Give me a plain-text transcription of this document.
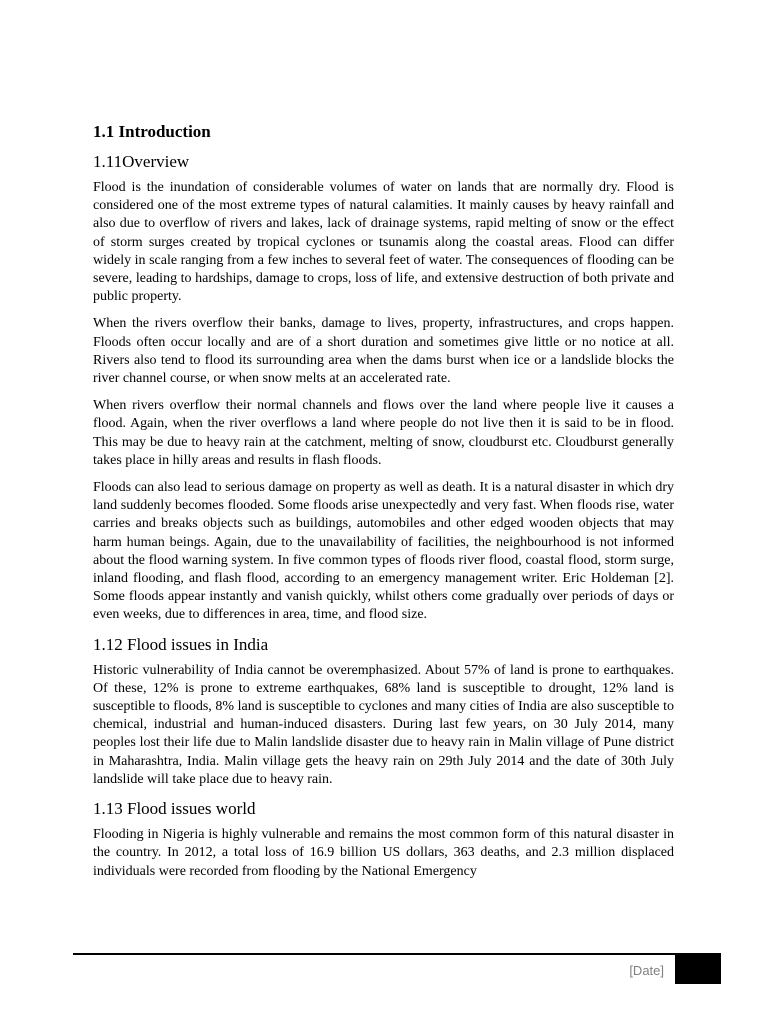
1.1 Introduction
1.11Overview

Flood is the inundation of considerable volumes of water on lands that are normally dry. Flood is considered one of the most extreme types of natural calamities. It mainly causes by heavy rainfall and also due to overflow of rivers and lakes, lack of drainage systems, rapid melting of snow or the effect of storm surges created by tropical cyclones or tsunamis along the coastal areas. Flood can differ widely in scale ranging from a few inches to several feet of water. The consequences of flooding can be severe, leading to hardships, damage to crops, loss of life, and extensive destruction of both private and public property.

When the rivers overflow their banks, damage to lives, property, infrastructures, and crops happen. Floods often occur locally and are of a short duration and sometimes give little or no notice at all. Rivers also tend to flood its surrounding area when the dams burst when ice or a landslide blocks the river channel course, or when snow melts at an accelerated rate.

When rivers overflow their normal channels and flows over the land where people live it causes a flood. Again, when the river overflows a land where people do not live then it is said to be in flood. This may be due to heavy rain at the catchment, melting of snow, cloudburst etc. Cloudburst generally takes place in hilly areas and results in flash floods.

Floods can also lead to serious damage on property as well as death. It is a natural disaster in which dry land suddenly becomes flooded. Some floods arise unexpectedly and very fast. When floods rise, water carries and breaks objects such as buildings, automobiles and other edged wooden objects that may harm human beings. Again, due to the unavailability of facilities, the neighbourhood is not informed about the flood warning system. In five common types of floods river flood, coastal flood, storm surge, inland flooding, and flash flood, according to an emergency management writer. Eric Holdeman [2]. Some floods appear instantly and vanish quickly, whilst others come gradually over periods of days or even weeks, due to differences in area, time, and flood size.

1.12 Flood issues in India

Historic vulnerability of India cannot be overemphasized. About 57% of land is prone to earthquakes. Of these, 12% is prone to extreme earthquakes, 68% land is susceptible to drought, 12% land is susceptible to floods, 8% land is susceptible to cyclones and many cities of India are also susceptible to chemical, industrial and human-induced disasters. During last few years, on 30 July 2014, many peoples lost their life due to Malin landslide disaster due to heavy rain in Malin village of Pune district in Maharashtra, India. Malin village gets the heavy rain on 29th July 2014 and the date of 30th July landslide will take place due to heavy rain.

1.13 Flood issues world

Flooding in Nigeria is highly vulnerable and remains the most common form of this natural disaster in the country. In 2012, a total loss of 16.9 billion US dollars, 363 deaths, and 2.3 million displaced individuals were recorded from flooding by the National Emergency

[Date]
